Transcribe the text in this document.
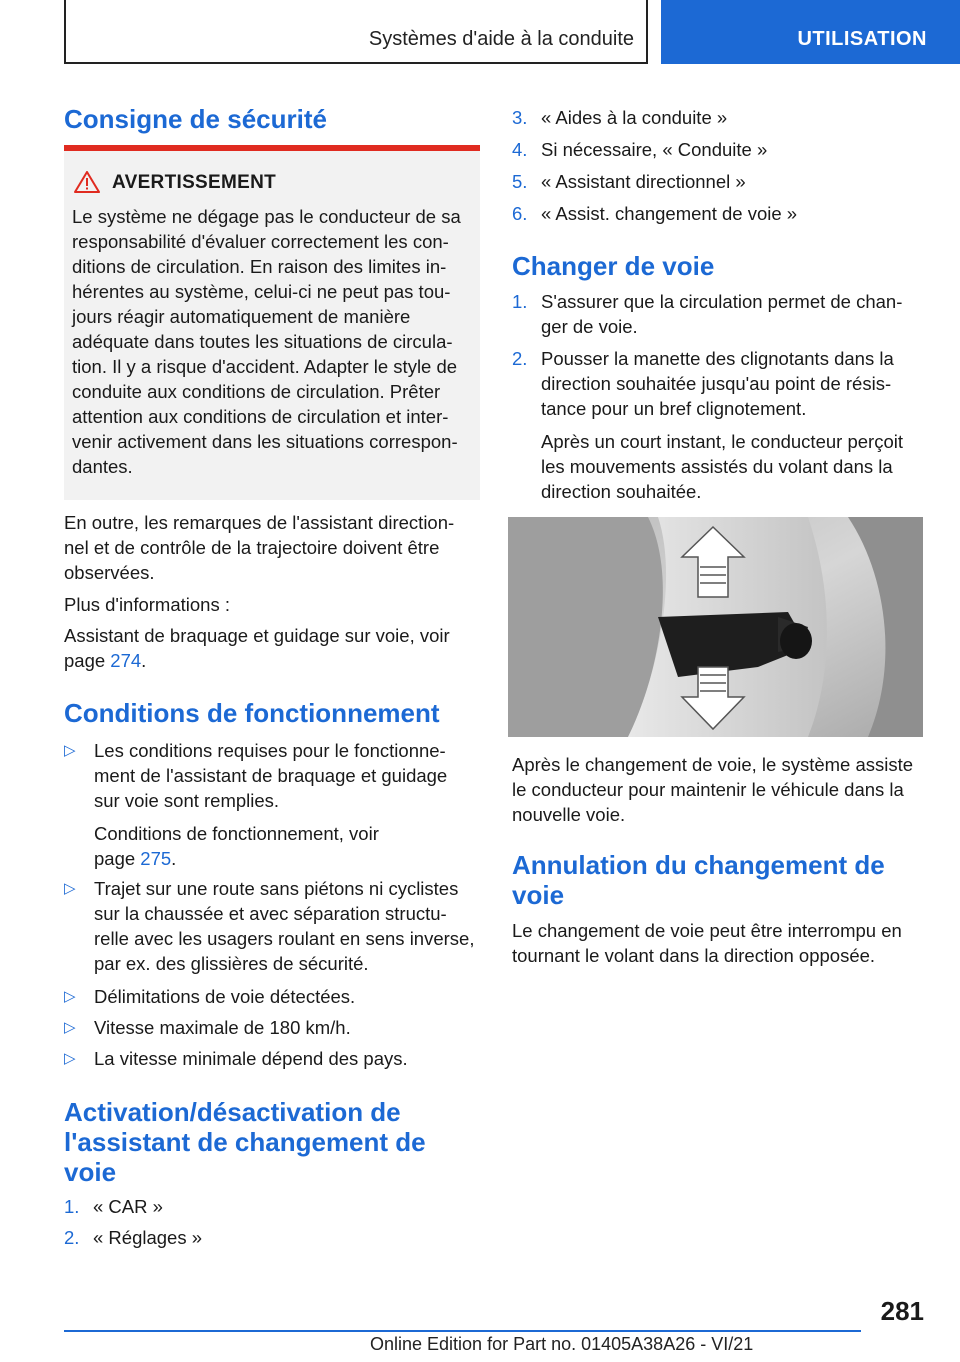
Systèmes d'aide à la conduite	UTILISATION
Consigne de sécurité
AVERTISSEMENT
Le système ne dégage pas le conducteur de sa
responsabilité d'évaluer correctement les con-
ditions de circulation. En raison des limites in-
hérentes au système, celui-ci ne peut pas tou-
jours réagir automatiquement de manière
adéquate dans toutes les situations de circula-
tion. Il y a risque d'accident. Adapter le style de
conduite aux conditions de circulation. Prêter
attention aux conditions de circulation et inter-
venir activement dans les situations correspon-
dantes.
En outre, les remarques de l'assistant direction-
nel et de contrôle de la trajectoire doivent être
observées.
Plus d'informations :
Assistant de braquage et guidage sur voie, voir
page 274.
Conditions de fonctionnement
▷ Les conditions requises pour le fonctionne-
ment de l'assistant de braquage et guidage
sur voie sont remplies.
Conditions de fonctionnement, voir
page 275.
▷ Trajet sur une route sans piétons ni cyclistes
sur la chaussée et avec séparation structu-
relle avec les usagers roulant en sens inverse,
par ex. des glissières de sécurité.
▷ Délimitations de voie détectées.
▷ Vitesse maximale de 180 km/h.
▷ La vitesse minimale dépend des pays.
Activation/désactivation de
l'assistant de changement de
voie
1. « CAR »
2. « Réglages »
3. « Aides à la conduite »
4. Si nécessaire, « Conduite »
5. « Assistant directionnel »
6. « Assist. changement de voie »
Changer de voie
1. S'assurer que la circulation permet de chan-
ger de voie.
2. Pousser la manette des clignotants dans la
direction souhaitée jusqu'au point de résis-
tance pour un bref clignotement.
Après un court instant, le conducteur perçoit
les mouvements assistés du volant dans la
direction souhaitée.
Après le changement de voie, le système assiste
le conducteur pour maintenir le véhicule dans la
nouvelle voie.
Annulation du changement de
voie
Le changement de voie peut être interrompu en
tournant le volant dans la direction opposée.
281
Online Edition for Part no. 01405A38A26 - VI/21
